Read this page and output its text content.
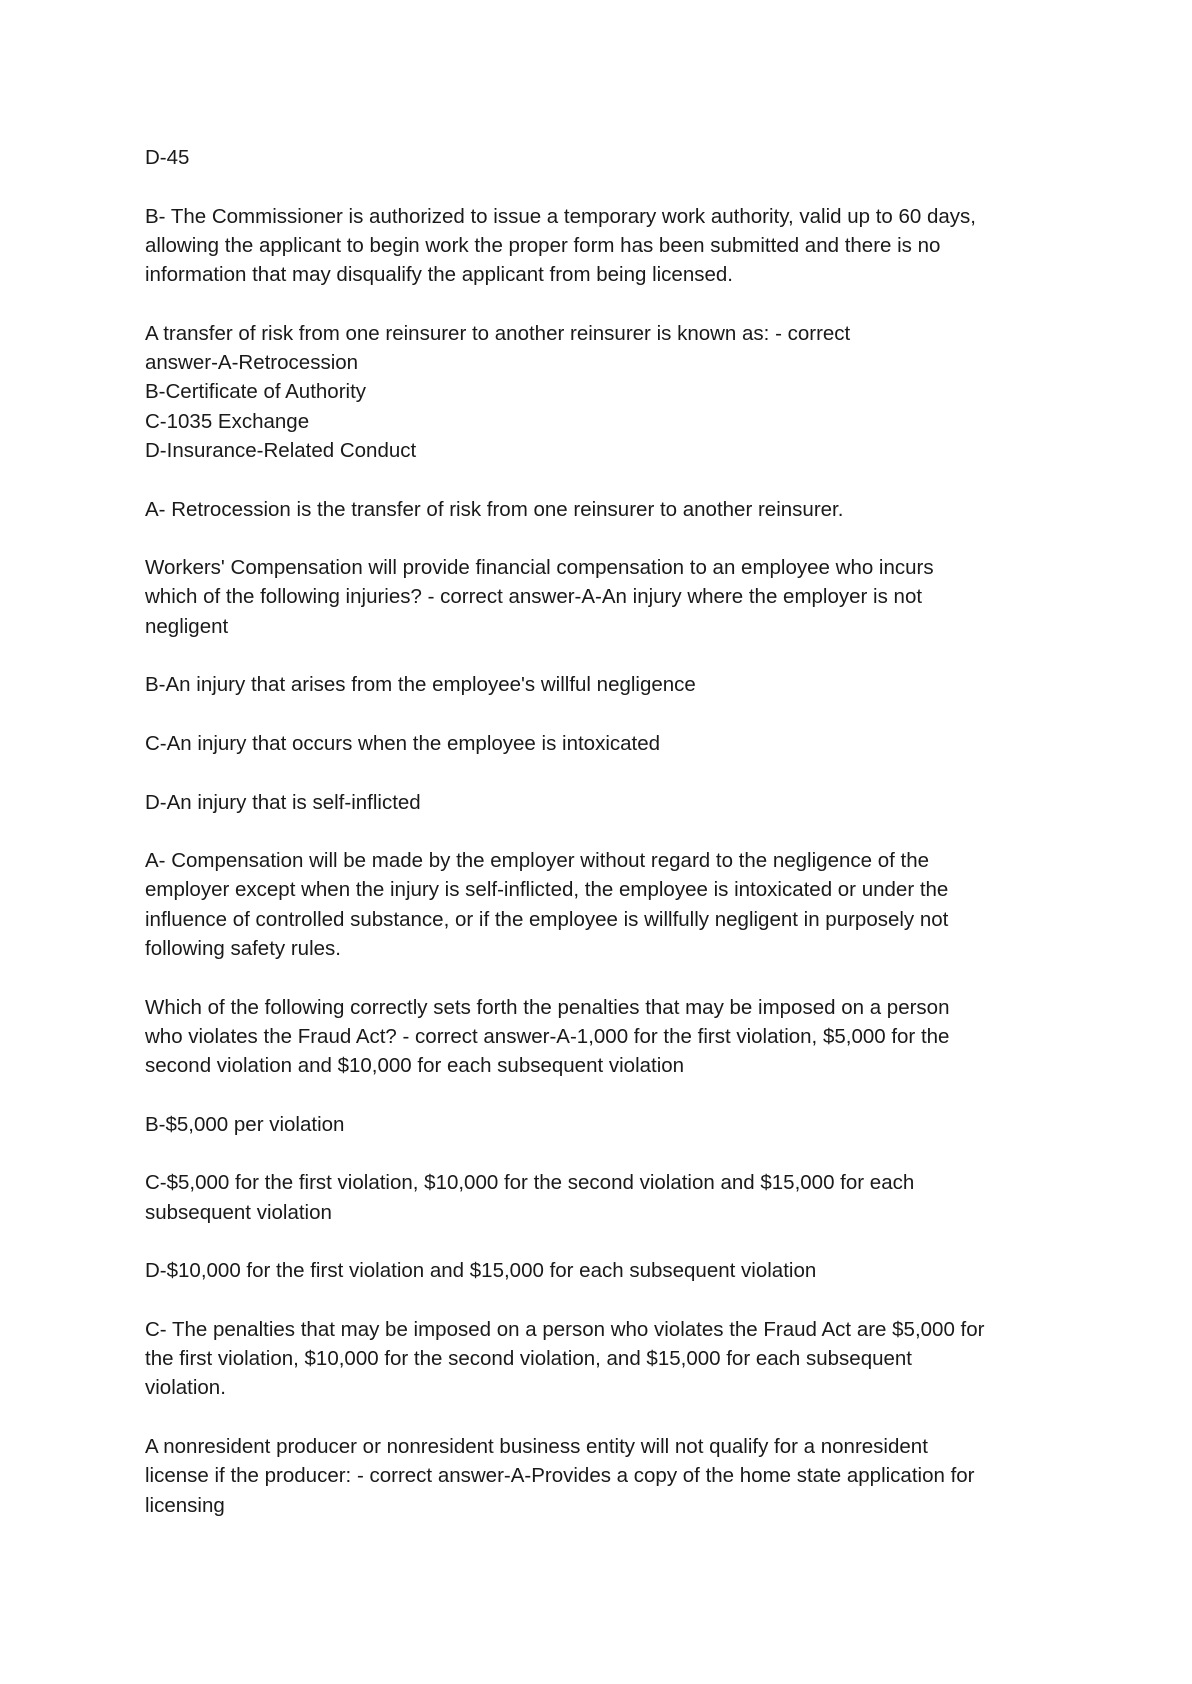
D-45
B- The Commissioner is authorized to issue a temporary work authority, valid up to 60 days,
allowing the applicant to begin work the proper form has been submitted and there is no
information that may disqualify the applicant from being licensed.
A transfer of risk from one reinsurer to another reinsurer is known as: - correct
answer-A-Retrocession
B-Certificate of Authority
C-1035 Exchange
D-Insurance-Related Conduct
A- Retrocession is the transfer of risk from one reinsurer to another reinsurer.
Workers' Compensation will provide financial compensation to an employee who incurs
which of the following injuries? - correct answer-A-An injury where the employer is not
negligent
B-An injury that arises from the employee's willful negligence
C-An injury that occurs when the employee is intoxicated
D-An injury that is self-inflicted
A- Compensation will be made by the employer without regard to the negligence of the
employer except when the injury is self-inflicted, the employee is intoxicated or under the
influence of controlled substance, or if the employee is willfully negligent in purposely not
following safety rules.
Which of the following correctly sets forth the penalties that may be imposed on a person
who violates the Fraud Act? - correct answer-A-1,000 for the first violation, $5,000 for the
second violation and $10,000 for each subsequent violation
B-$5,000 per violation
C-$5,000 for the first violation, $10,000 for the second violation and $15,000 for each
subsequent violation
D-$10,000 for the first violation and $15,000 for each subsequent violation
C- The penalties that may be imposed on a person who violates the Fraud Act are $5,000 for
the first violation, $10,000 for the second violation, and $15,000 for each subsequent
violation.
A nonresident producer or nonresident business entity will not qualify for a nonresident
license if the producer: - correct answer-A-Provides a copy of the home state application for
licensing
